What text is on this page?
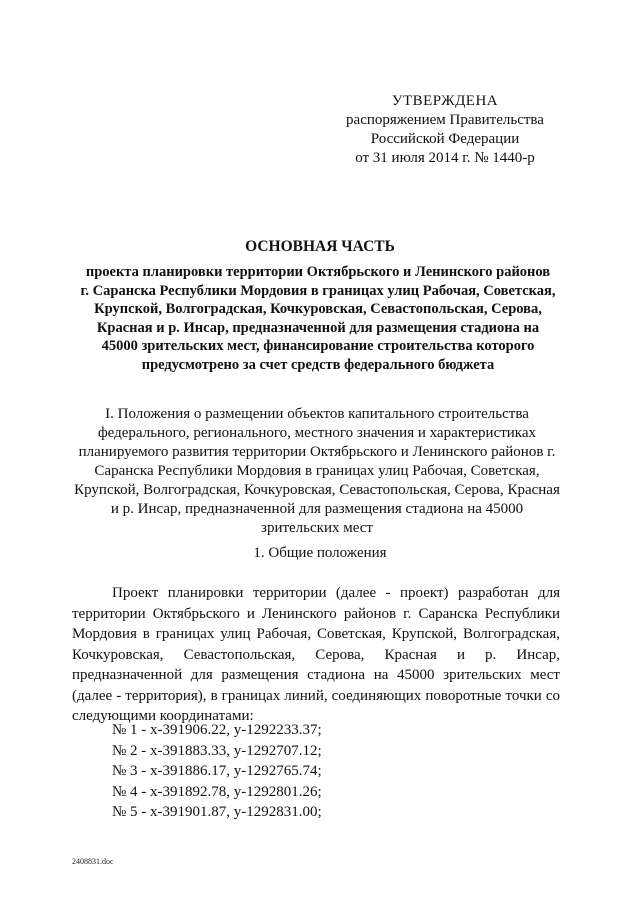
УТВЕРЖДЕНА
распоряжением Правительства
Российской Федерации
от 31 июля 2014 г. № 1440-р
ОСНОВНАЯ ЧАСТЬ
проекта планировки территории Октябрьского и Ленинского районов г. Саранска Республики Мордовия в границах улиц Рабочая, Советская, Крупской, Волгоградская, Кочкуровская, Севастопольская, Серова, Красная и р. Инсар, предназначенной для размещения стадиона на 45000 зрительских мест, финансирование строительства которого предусмотрено за счет средств федерального бюджета
I. Положения о размещении объектов капитального строительства федерального, регионального, местного значения и характеристиках планируемого развития территории Октябрьского и Ленинского районов г. Саранска Республики Мордовия в границах улиц Рабочая, Советская, Крупской, Волгоградская, Кочкуровская, Севастопольская, Серова, Красная и р. Инсар, предназначенной для размещения стадиона на 45000 зрительских мест
1. Общие положения
Проект планировки территории (далее - проект) разработан для территории Октябрьского и Ленинского районов г. Саранска Республики Мордовия в границах улиц Рабочая, Советская, Крупской, Волгоградская, Кочкуровская, Севастопольская, Серова, Красная и р. Инсар, предназначенной для размещения стадиона на 45000 зрительских мест (далее - территория), в границах линий, соединяющих поворотные точки со следующими координатами:
№ 1 - x-391906.22, y-1292233.37;
№ 2 - x-391883.33, y-1292707.12;
№ 3 - x-391886.17, y-1292765.74;
№ 4 - x-391892.78, y-1292801.26;
№ 5 - x-391901.87, y-1292831.00;
2408831.doc
